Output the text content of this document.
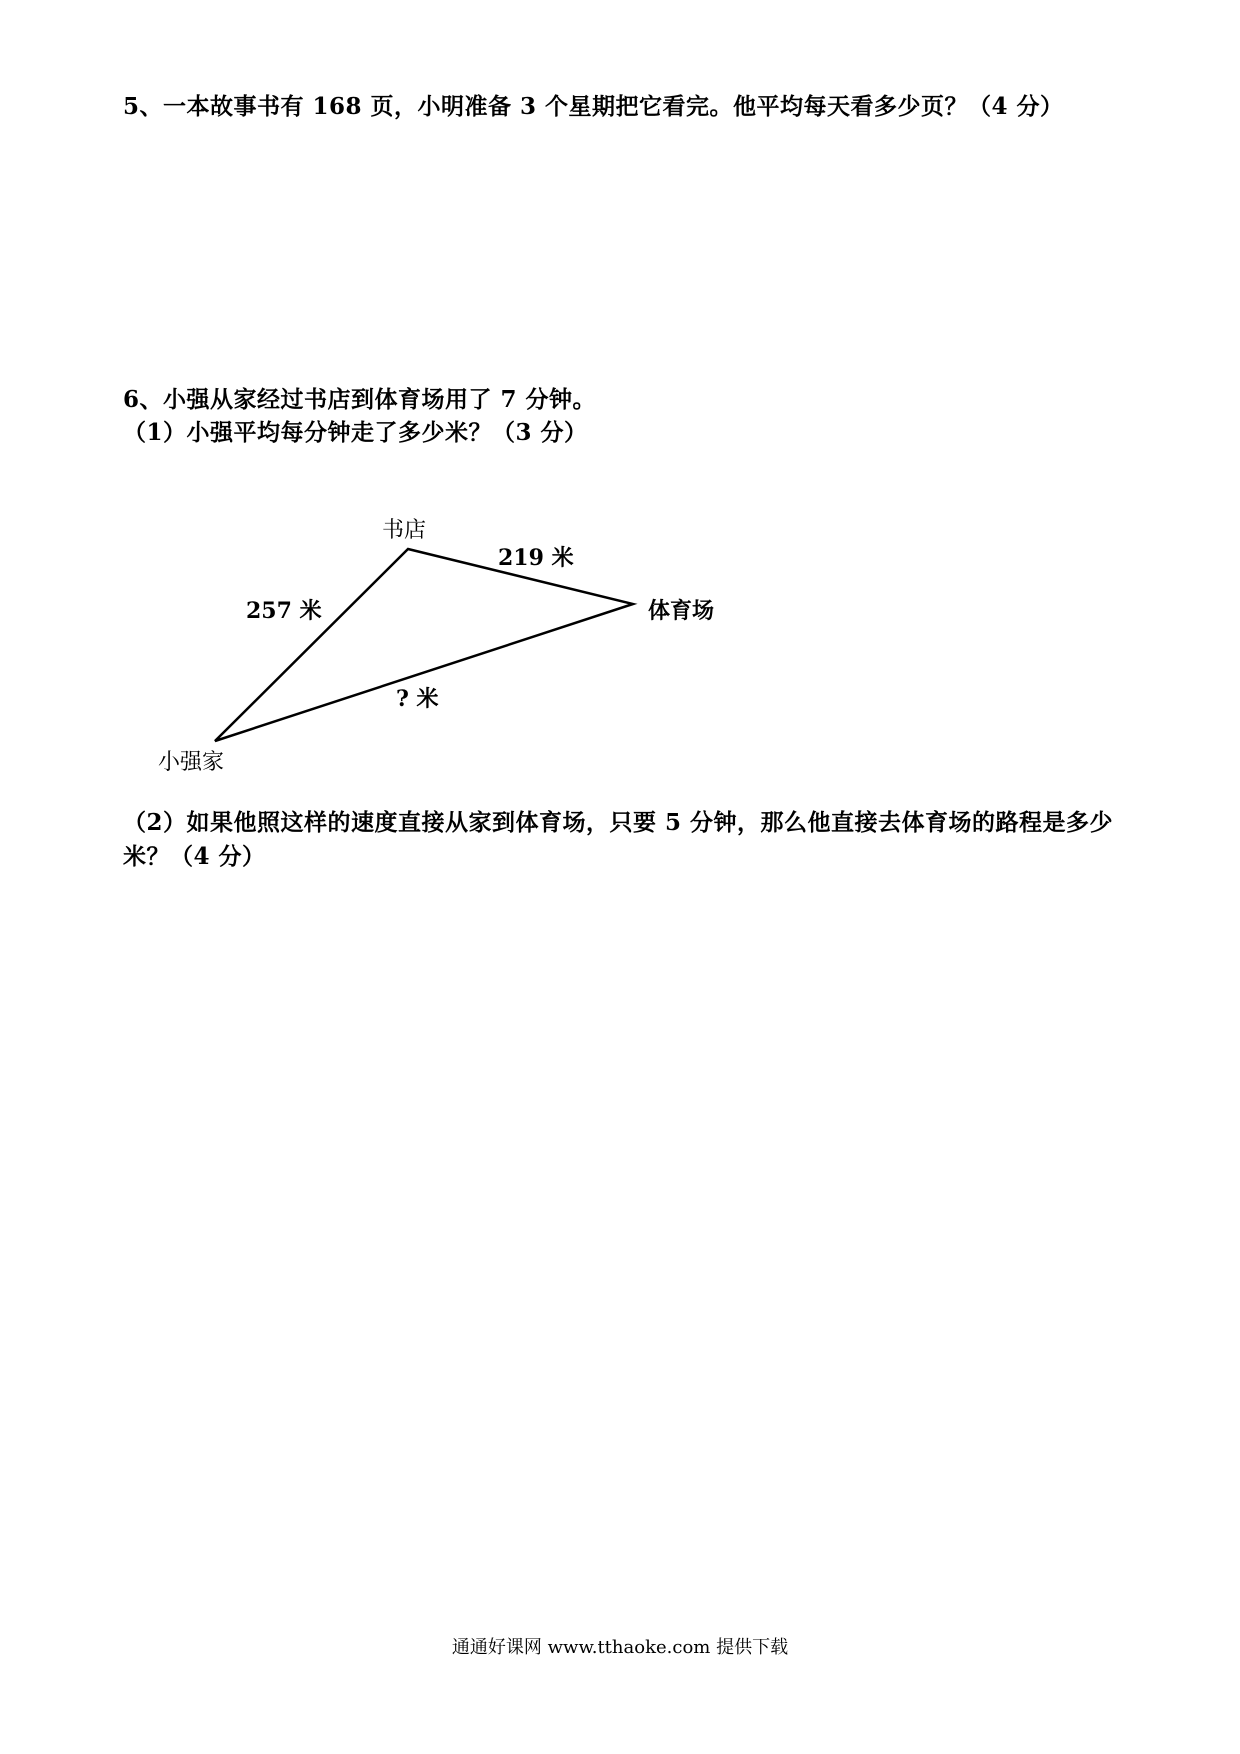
5、一本故事书有 168 页，小明准备 3 个星期把它看完。他平均每天看多少页？（4 分）
6、小强从家经过书店到体育场用了 7 分钟。
（1）小强平均每分钟走了多少米？（3 分）
书店
体育场
小强家
257 米
219 米
? 米
（2）如果他照这样的速度直接从家到体育场，只要 5 分钟，那么他直接去体育场的路程是多少
米？（4 分）
通通好课网 www.tthaoke.com 提供下载
